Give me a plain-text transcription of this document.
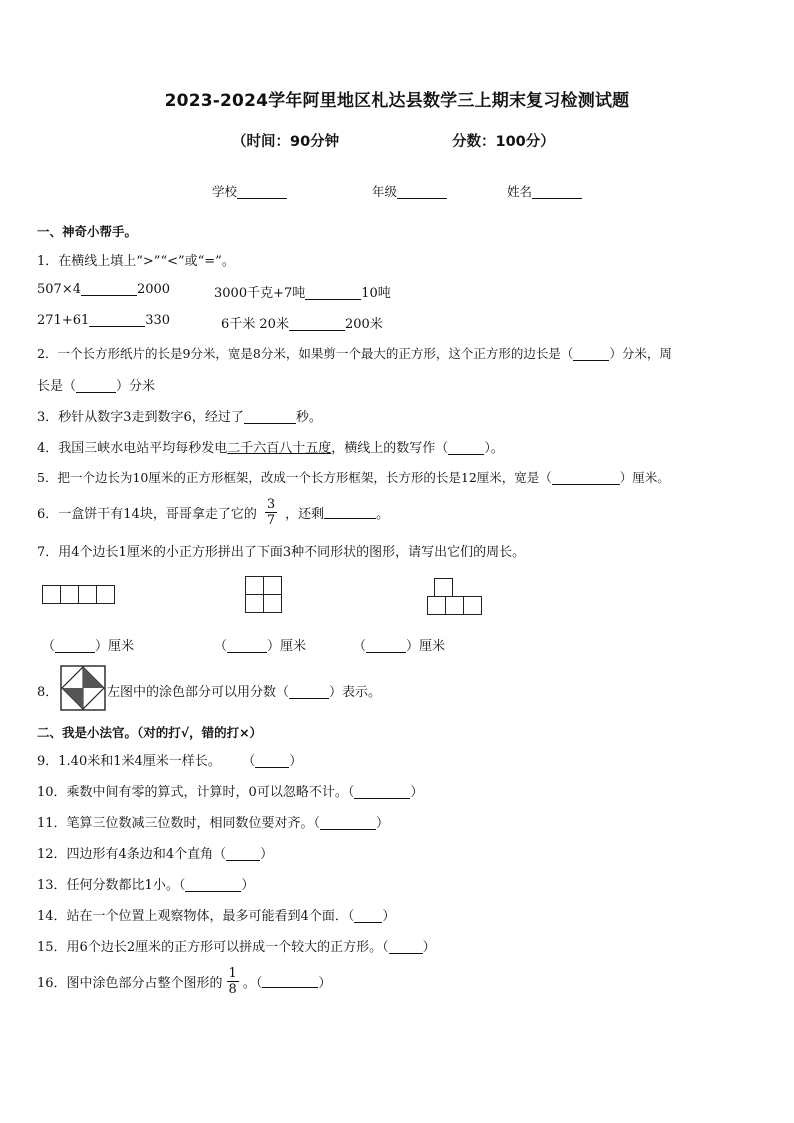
2023-2024学年阿里地区札达县数学三上期末复习检测试题
（时间：90分钟	分数：100分）
学校	年级	姓名
一、神奇小帮手。
1．在横线上填上“>”“<”或“=”。
507×4	2000	3000千克+7吨	10吨
271+61	330	6千米 20米	200米
2．一个长方形纸片的长是9分米，宽是8分米，如果剪一个最大的正方形，这个正方形的边长是（	）分米，周
长是（	）分米
3．秒针从数字3走到数字6，经过了	秒。
4．我国三峡水电站平均每秒发电二千六百八十五度，横线上的数写作（	）。
5．把一个边长为10厘米的正方形框架，改成一个长方形框架，长方形的长是12厘米，宽是（	）厘米。
6．一盒饼干有14块，哥哥拿走了它的 $\frac{3}{7}$ ，还剩	。
7．用4个边长1厘米的小正方形拼出了下面3种不同形状的图形，请写出它们的周长。
（	）厘米	（	）厘米	（	）厘米
8．	左图中的涂色部分可以用分数（	）表示。
二、我是小法官。（对的打√，错的打×）
9．1.40米和1米4厘米一样长。 （	）
10．乘数中间有零的算式，计算时，0可以忽略不计。（	）
11．笔算三位数减三位数时，相同数位要对齐。（	）
12．四边形有4条边和4个直角（	）
13．任何分数都比1小。（	）
14．站在一个位置上观察物体，最多可能看到4个面．（ ）
15．用6个边长2厘米的正方形可以拼成一个较大的正方形。（	）
16．图中涂色部分占整个图形的 $\frac{1}{8}$ 。（	）
